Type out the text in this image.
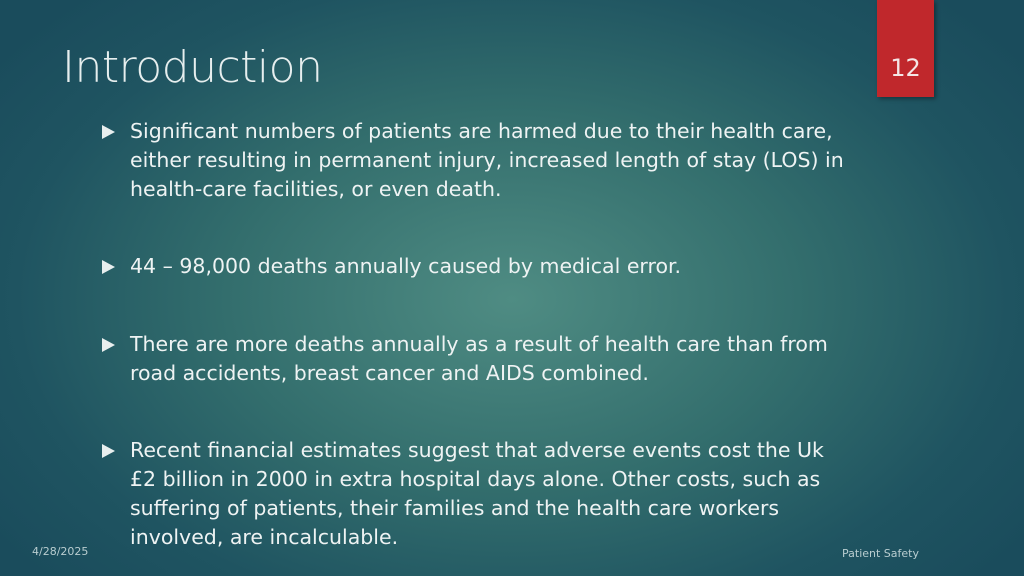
Introduction	12
Significant numbers of patients are harmed due to their health care, either resulting in permanent injury, increased length of stay (LOS) in health-care facilities, or even death.
44 – 98,000 deaths annually caused by medical error.
There are more deaths annually as a result of health care than from road accidents, breast cancer and AIDS combined.
Recent financial estimates suggest that adverse events cost the Uk £2 billion in 2000 in extra hospital days alone. Other costs, such as suffering of patients, their families and the health care workers involved, are incalculable.
4/28/2025	Patient Safety
